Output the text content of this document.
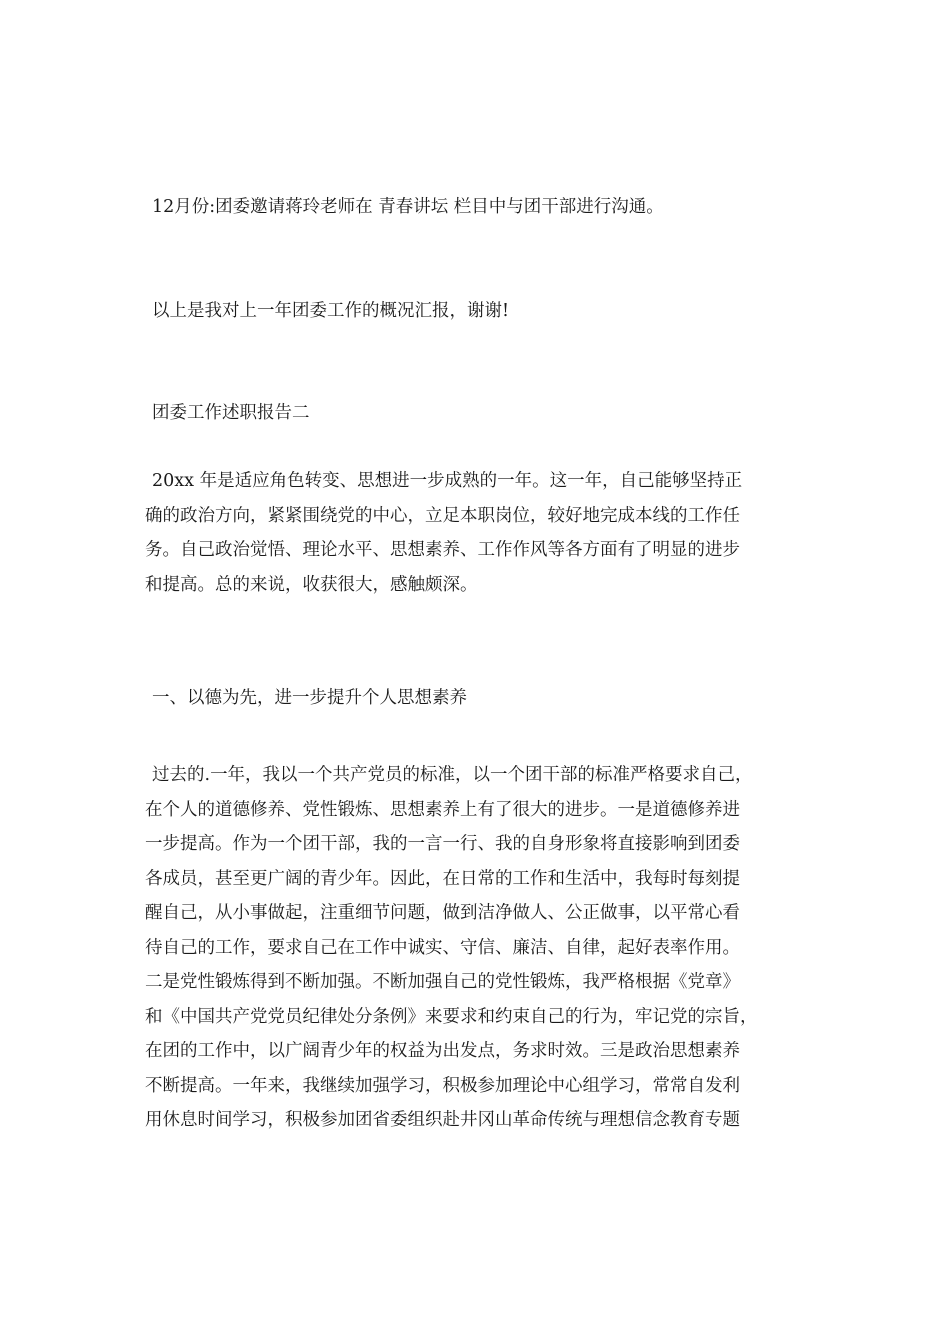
12月份:团委邀请蒋玲老师在 青春讲坛 栏目中与团干部进行沟通。

以上是我对上一年团委工作的概况汇报，谢谢!

团委工作述职报告二

20xx 年是适应角色转变、思想进一步成熟的一年。这一年，自己能够坚持正
确的政治方向，紧紧围绕党的中心，立足本职岗位，较好地完成本线的工作任
务。自己政治觉悟、理论水平、思想素养、工作作风等各方面有了明显的进步
和提高。总的来说，收获很大，感触颇深。

一、以德为先，进一步提升个人思想素养

过去的.一年，我以一个共产党员的标准，以一个团干部的标准严格要求自己，
在个人的道德修养、党性锻炼、思想素养上有了很大的进步。一是道德修养进
一步提高。作为一个团干部，我的一言一行、我的自身形象将直接影响到团委
各成员，甚至更广阔的青少年。因此，在日常的工作和生活中，我每时每刻提
醒自己，从小事做起，注重细节问题，做到洁净做人、公正做事，以平常心看
待自己的工作，要求自己在工作中诚实、守信、廉洁、自律，起好表率作用。
二是党性锻炼得到不断加强。不断加强自己的党性锻炼，我严格根据《党章》
和《中国共产党党员纪律处分条例》来要求和约束自己的行为，牢记党的宗旨，
在团的工作中，以广阔青少年的权益为出发点，务求时效。三是政治思想素养
不断提高。一年来，我继续加强学习，积极参加理论中心组学习，常常自发利
用休息时间学习，积极参加团省委组织赴井冈山革命传统与理想信念教育专题
